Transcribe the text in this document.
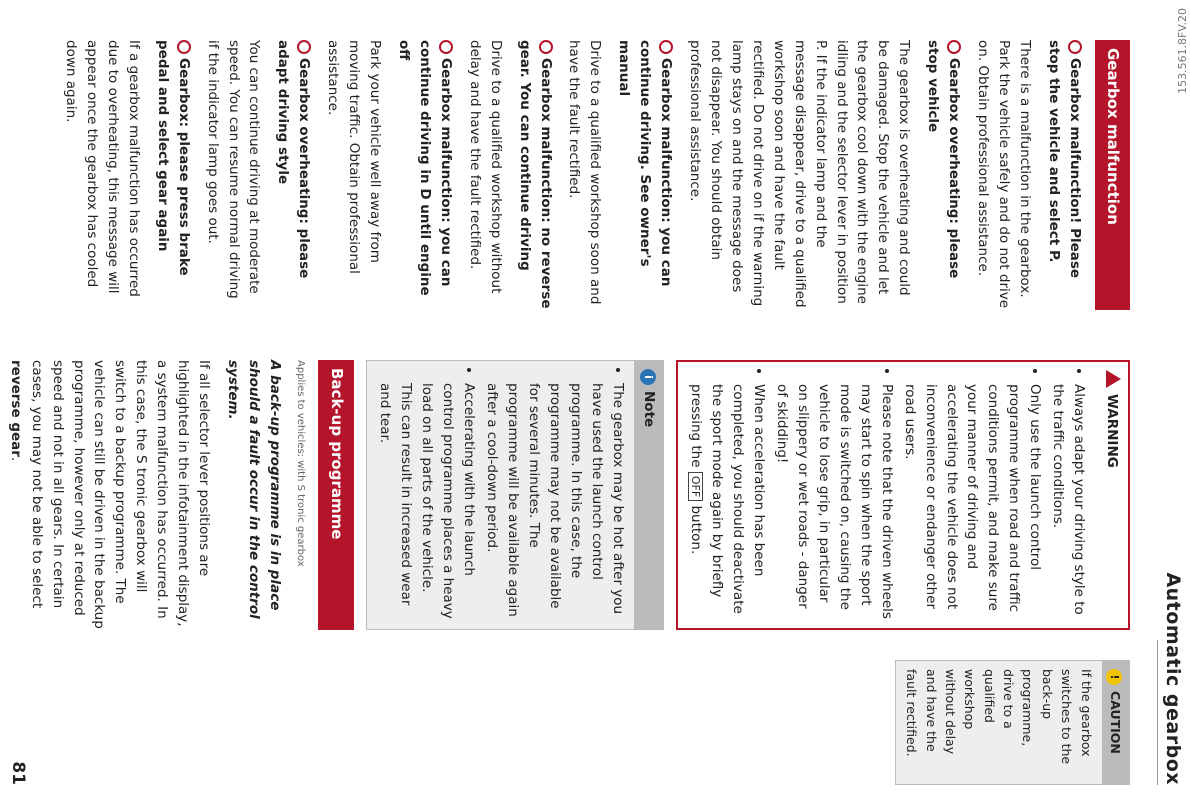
153.561.8FV.20
Automatic gearbox
81
Gearbox malfunction

Gearbox malfunction! Please stop the vehicle and select P.

There is a malfunction in the gearbox. Park the vehicle safely and do not drive on. Obtain professional assistance.

Gearbox overheating: please stop vehicle

The gearbox is overheating and could be damaged. Stop the vehicle and let the gearbox cool down with the engine idling and the selector lever in position P. If the indicator lamp and the message disappear, drive to a qualified workshop soon and have the fault rectified. Do not drive on if the warning lamp stays on and the message does not disappear. You should obtain professional assistance.

Gearbox malfunction: you can continue driving. See owner's manual

Drive to a qualified workshop soon and have the fault rectified.

Gearbox malfunction: no reverse gear. You can continue driving

Drive to a qualified workshop without delay and have the fault rectified.

Gearbox malfunction: you can continue driving in D until engine off

Park your vehicle well away from moving traffic. Obtain professional assistance.

Gearbox overheating: please adapt driving style

You can continue driving at moderate speed. You can resume normal driving if the indicator lamp goes out.

Gearbox: please press brake pedal and select gear again

If a gearbox malfunction has occurred due to overheating, this message will appear once the gearbox has cooled down again.

WARNING
• Always adapt your driving style to the traffic conditions.
• Only use the launch control programme when road and traffic conditions permit, and make sure your manner of driving and accelerating the vehicle does not inconvenience or endanger other road users.
• Please note that the driven wheels may start to spin when the sport mode is switched on, causing the vehicle to lose grip, in particular on slippery or wet roads - danger of skidding!
• When acceleration has been completed, you should deactivate the sport mode again by briefly pressing the OFF button.
iNote
• The gearbox may be hot after you have used the launch control programme. In this case, the programme may not be available for several minutes. The programme will be available again after a cool-down period.
• Accelerating with the launch control programme places a heavy load on all parts of the vehicle. This can result in increased wear and tear.
Back-up programme
Applies to vehicles: with S tronic gearbox

A back-up programme is in place should a fault occur in the control system.

If all selector lever positions are highlighted in the infotainment display, a system malfunction has occurred. In this case, the S tronic gearbox will switch to a backup programme. The vehicle can still be driven in the backup programme, however only at reduced speed and not in all gears. In certain cases, you may not be able to select reverse gear.

!CAUTION
If the gearbox switches to the back-up programme, drive to a qualified workshop without delay and have the fault rectified.
